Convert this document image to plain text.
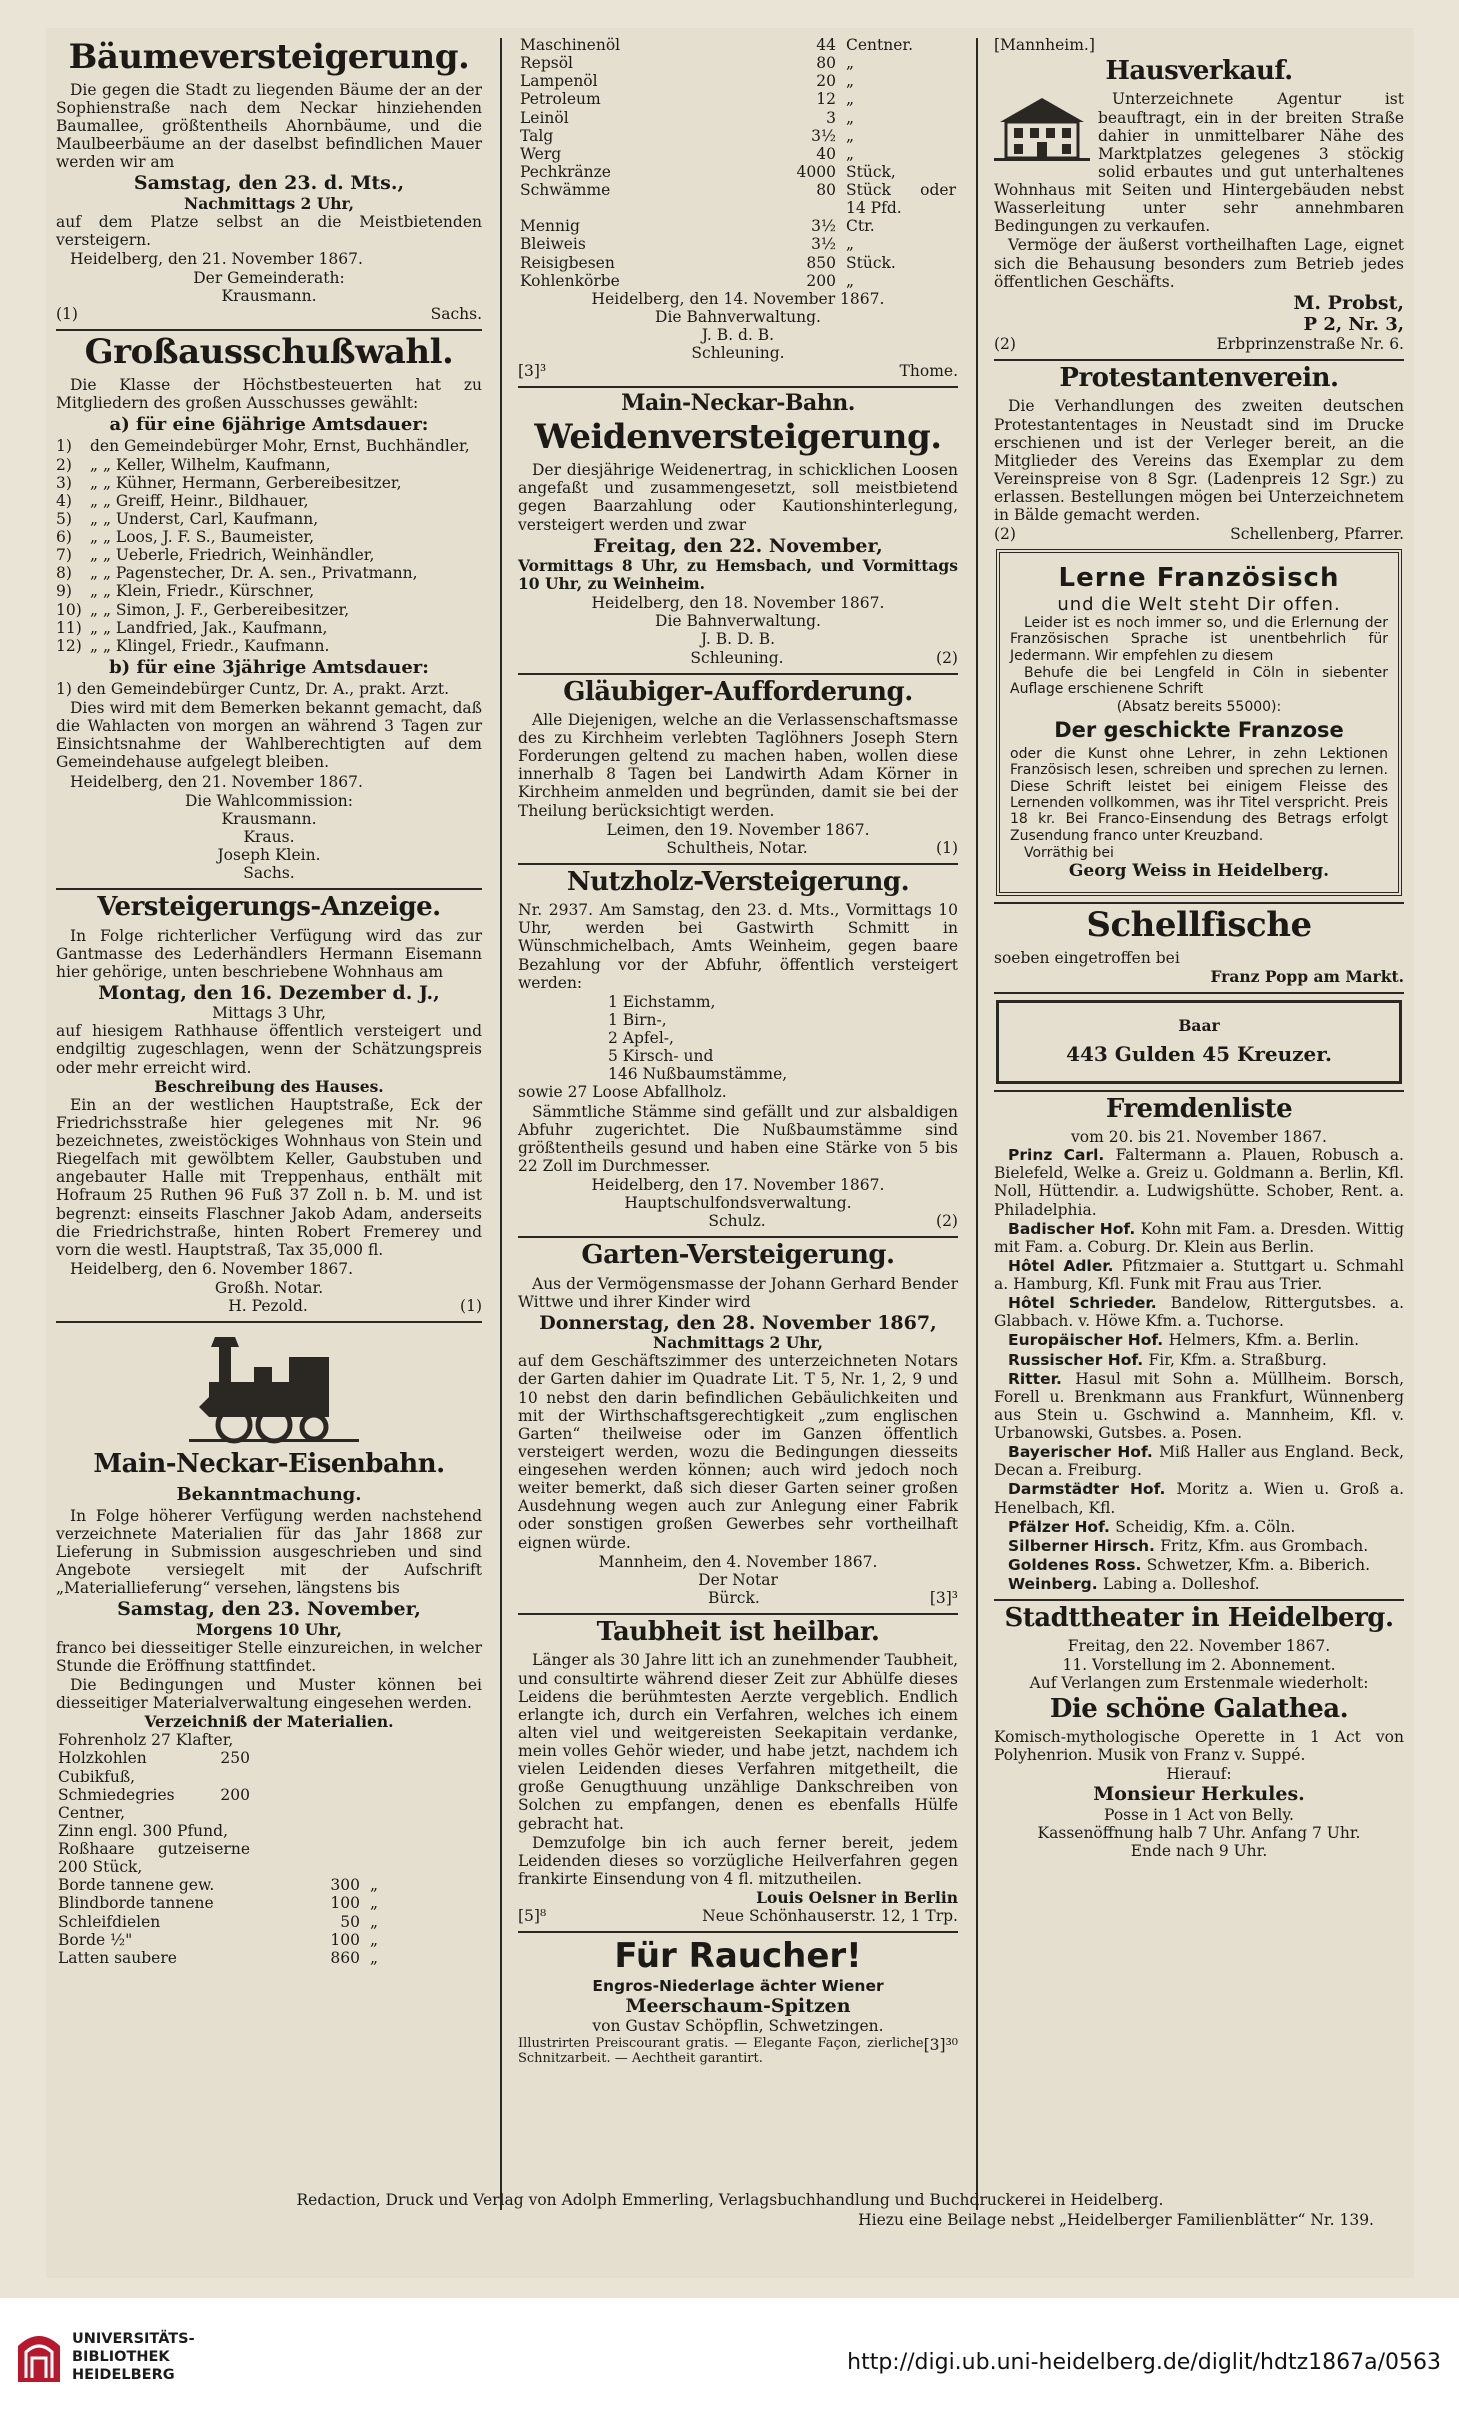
Bäumeversteigerung.

Die gegen die Stadt zu liegenden Bäume der an der Sophienstraße nach dem Neckar hinziehenden Baumallee, größtentheils Ahornbäume, und die Maulbeerbäume an der daselbst befindlichen Mauer werden wir am

Samstag, den 23. d. Mts.,
Nachmittags 2 Uhr,

auf dem Platze selbst an die Meistbietenden versteigern.

Heidelberg, den 21. November 1867.

Der Gemeinderath:
Krausmann.
(1)	Sachs.
Großausschußwahl.

Die Klasse der Höchstbesteuerten hat zu Mitgliedern des großen Ausschusses gewählt:

a) für eine 6jährige Amtsdauer:
1)	den Gemeindebürger Mohr, Ernst, Buchhändler,
2)	„ „ Keller, Wilhelm, Kaufmann,
3)	„ „ Kühner, Hermann, Gerbereibesitzer,
4)	„ „ Greiff, Heinr., Bildhauer,
5)	„ „ Underst, Carl, Kaufmann,
6)	„ „ Loos, J. F. S., Baumeister,
7)	„ „ Ueberle, Friedrich, Weinhändler,
8)	„ „ Pagenstecher, Dr. A. sen., Privatmann,
9)	„ „ Klein, Friedr., Kürschner,
10) „ „ Simon, J. F., Gerbereibesitzer,
11) „ „ Landfried, Jak., Kaufmann,
12) „ „ Klingel, Friedr., Kaufmann.
b) für eine 3jährige Amtsdauer:

1) den Gemeindebürger Cuntz, Dr. A., prakt. Arzt.

Dies wird mit dem Bemerken bekannt gemacht, daß die Wahlacten von morgen an während 3 Tagen zur Einsichtsnahme der Wahlberechtigten auf dem Gemeindehause aufgelegt bleiben.

Heidelberg, den 21. November 1867.

Die Wahlcommission:
Krausmann.
Kraus.
Joseph Klein.
Sachs.
Versteigerungs-Anzeige.

In Folge richterlicher Verfügung wird das zur Gantmasse des Lederhändlers Hermann Eisemann hier gehörige, unten beschriebene Wohnhaus am

Montag, den 16. Dezember d. J.,
Mittags 3 Uhr,

auf hiesigem Rathhause öffentlich versteigert und endgiltig zugeschlagen, wenn der Schätzungspreis oder mehr erreicht wird.

Beschreibung des Hauses.

Ein an der westlichen Hauptstraße, Eck der Friedrichsstraße hier gelegenes mit Nr. 96 bezeichnetes, zweistöckiges Wohnhaus von Stein und Riegelfach mit gewölbtem Keller, Gaubstuben und angebauter Halle mit Treppenhaus, enthält mit Hofraum 25 Ruthen 96 Fuß 37 Zoll n. b. M. und ist begrenzt: einseits Flaschner Jakob Adam, anderseits die Friedrichstraße, hinten Robert Fremerey und vorn die westl. Hauptstraß, Tax 35,000 fl.

Heidelberg, den 6. November 1867.

Großh. Notar.
H. Pezold.	(1)
Main-Neckar-Eisenbahn.
Bekanntmachung.

In Folge höherer Verfügung werden nachstehend verzeichnete Materialien für das Jahr 1868 zur Lieferung in Submission ausgeschrieben und sind Angebote versiegelt mit der Aufschrift „Materiallieferung“ versehen, längstens bis

Samstag, den 23. November,
Morgens 10 Uhr,

franco bei diesseitiger Stelle einzureichen, in welcher Stunde die Eröffnung stattfindet.

Die Bedingungen und Muster können bei diesseitiger Materialverwaltung eingesehen werden.

Verzeichniß der Materialien.
Fohrenholz 27 Klafter,		
Holzkohlen 250 Cubikfuß,		
Schmiedegries 200 Centner,		
Zinn engl. 300 Pfund,		
Roßhaare gutzeiserne 200 Stück,		
Borde tannene gew.	300	„
Blindborde tannene	100	„
Schleifdielen	50	„
Borde ½"	100	„
Latten saubere	860	„
Maschinenöl	44	Centner.
Repsöl	80	„
Lampenöl	20	„
Petroleum	12	„
Leinöl	3	„
Talg	3½	„
Werg	40	„
Pechkränze	4000	Stück,
Schwämme	80	Stück oder 14 Pfd.
Mennig	3½	Ctr.
Bleiweis	3½	„
Reisigbesen	850	Stück.
Kohlenkörbe	200	„
Heidelberg, den 14. November 1867.
Die Bahnverwaltung.
J. B. d. B.
Schleuning.
[3]³	Thome.
Main-Neckar-Bahn.
Weidenversteigerung.

Der diesjährige Weidenertrag, in schicklichen Loosen angefaßt und zusammengesetzt, soll meistbietend gegen Baarzahlung oder Kautionshinterlegung, versteigert werden und zwar

Freitag, den 22. November,

Vormittags 8 Uhr, zu Hemsbach, und Vormittags 10 Uhr, zu Weinheim.

Heidelberg, den 18. November 1867.
Die Bahnverwaltung.
J. B. D. B.
Schleuning.	(2)
Gläubiger-Aufforderung.

Alle Diejenigen, welche an die Verlassenschaftsmasse des zu Kirchheim verlebten Taglöhners Joseph Stern Forderungen geltend zu machen haben, wollen diese innerhalb 8 Tagen bei Landwirth Adam Körner in Kirchheim anmelden und begründen, damit sie bei der Theilung berücksichtigt werden.

Leimen, den 19. November 1867.
Schultheis, Notar.	(1)
Nutzholz-Versteigerung.

Nr. 2937. Am Samstag, den 23. d. Mts., Vormittags 10 Uhr, werden bei Gastwirth Schmitt in Wünschmichelbach, Amts Weinheim, gegen baare Bezahlung vor der Abfuhr, öffentlich versteigert werden:

1 Eichstamm,
1 Birn-,
2 Apfel-,
5 Kirsch- und
146 Nußbaumstämme,

sowie 27 Loose Abfallholz.

Sämmtliche Stämme sind gefällt und zur alsbaldigen Abfuhr zugerichtet. Die Nußbaumstämme sind größtentheils gesund und haben eine Stärke von 5 bis 22 Zoll im Durchmesser.

Heidelberg, den 17. November 1867.
Hauptschulfondsverwaltung.
Schulz.	(2)
Garten-Versteigerung.

Aus der Vermögensmasse der Johann Gerhard Bender Wittwe und ihrer Kinder wird

Donnerstag, den 28. November 1867,
Nachmittags 2 Uhr,

auf dem Geschäftszimmer des unterzeichneten Notars der Garten dahier im Quadrate Lit. T 5, Nr. 1, 2, 9 und 10 nebst den darin befindlichen Gebäulichkeiten und mit der Wirthschaftsgerechtigkeit „zum englischen Garten“ theilweise oder im Ganzen öffentlich versteigert werden, wozu die Bedingungen diesseits eingesehen werden können; auch wird jedoch noch weiter bemerkt, daß sich dieser Garten seiner großen Ausdehnung wegen auch zur Anlegung einer Fabrik oder sonstigen großen Gewerbes sehr vortheilhaft eignen würde.

Mannheim, den 4. November 1867.
Der Notar
Bürck.	[3]³
Taubheit ist heilbar.

Länger als 30 Jahre litt ich an zunehmender Taubheit, und consultirte während dieser Zeit zur Abhülfe dieses Leidens die berühmtesten Aerzte vergeblich. Endlich erlangte ich, durch ein Verfahren, welches ich einem alten viel und weitgereisten Seekapitain verdanke, mein volles Gehör wieder, und habe jetzt, nachdem ich vielen Leidenden dieses Verfahren mitgetheilt, die große Genugthuung unzählige Dankschreiben von Solchen zu empfangen, denen es ebenfalls Hülfe gebracht hat.

Demzufolge bin ich auch ferner bereit, jedem Leidenden dieses so vorzügliche Heilverfahren gegen frankirte Einsendung von 4 fl. mitzutheilen.

Louis Oelsner in Berlin
[5]⁸	Neue Schönhauserstr. 12, 1 Trp.
Für Raucher!
Engros-Niederlage ächter Wiener
Meerschaum-Spitzen
von Gustav Schöpflin, Schwetzingen.
Illustrirten Preiscourant gratis. — Elegante Façon, zierliche Schnitzarbeit. — Aechtheit garantirt.
[3]³⁰
[Mannheim.]
Hausverkauf.

Unterzeichnete Agentur ist beauftragt, ein in der breiten Straße dahier in unmittelbarer Nähe des Marktplatzes gelegenes 3 stöckig solid erbautes und gut unterhaltenes Wohnhaus mit Seiten und Hintergebäuden nebst Wasserleitung unter sehr annehmbaren Bedingungen zu verkaufen.

Vermöge der äußerst vortheilhaften Lage, eignet sich die Behausung besonders zum Betrieb jedes öffentlichen Geschäfts.

M. Probst,
P 2, Nr. 3,
(2)	Erbprinzenstraße Nr. 6.
Protestantenverein.

Die Verhandlungen des zweiten deutschen Protestantentages in Neustadt sind im Drucke erschienen und ist der Verleger bereit, an die Mitglieder des Vereins das Exemplar zu dem Vereinspreise von 8 Sgr. (Ladenpreis 12 Sgr.) zu erlassen. Bestellungen mögen bei Unterzeichnetem in Bälde gemacht werden.

(2)	Schellenberg, Pfarrer.
Lerne Französisch
und die Welt steht Dir offen.

Leider ist es noch immer so, und die Erlernung der Französischen Sprache ist unentbehrlich für Jedermann. Wir empfehlen zu diesem

Behufe die bei Lengfeld in Cöln in siebenter Auflage erschienene Schrift

(Absatz bereits 55000):
Der geschickte Franzose

oder die Kunst ohne Lehrer, in zehn Lektionen Französisch lesen, schreiben und sprechen zu lernen. Diese Schrift leistet bei einigem Fleisse des Lernenden vollkommen, was ihr Titel verspricht. Preis 18 kr. Bei Franco-Einsendung des Betrags erfolgt Zusendung franco unter Kreuzband.

Vorräthig bei

Georg Weiss in Heidelberg.
Schellfische

soeben eingetroffen bei

Franz Popp am Markt.
Baar
443 Gulden 45 Kreuzer.
Fremdenliste
vom 20. bis 21. November 1867.

Prinz Carl. Faltermann a. Plauen, Robusch a. Bielefeld, Welke a. Greiz u. Goldmann a. Berlin, Kfl. Noll, Hüttendir. a. Ludwigshütte. Schober, Rent. a. Philadelphia.

Badischer Hof. Kohn mit Fam. a. Dresden. Wittig mit Fam. a. Coburg. Dr. Klein aus Berlin.

Hôtel Adler. Pfitzmaier a. Stuttgart u. Schmahl a. Hamburg, Kfl. Funk mit Frau aus Trier.

Hôtel Schrieder. Bandelow, Rittergutsbes. a. Glabbach. v. Höwe Kfm. a. Tuchorse.

Europäischer Hof. Helmers, Kfm. a. Berlin.

Russischer Hof. Fir, Kfm. a. Straßburg.

Ritter. Hasul mit Sohn a. Müllheim. Borsch, Forell u. Brenkmann aus Frankfurt, Wünnenberg aus Stein u. Gschwind a. Mannheim, Kfl. v. Urbanowski, Gutsbes. a. Posen.

Bayerischer Hof. Miß Haller aus England. Beck, Decan a. Freiburg.

Darmstädter Hof. Moritz a. Wien u. Groß a. Henelbach, Kfl.

Pfälzer Hof. Scheidig, Kfm. a. Cöln.

Silberner Hirsch. Fritz, Kfm. aus Grombach.

Goldenes Ross. Schwetzer, Kfm. a. Biberich.

Weinberg. Labing a. Dolleshof.

Stadttheater in Heidelberg.
Freitag, den 22. November 1867.
11. Vorstellung im 2. Abonnement.
Auf Verlangen zum Erstenmale wiederholt:
Die schöne Galathea.

Komisch-mythologische Operette in 1 Act von Polyhenrion. Musik von Franz v. Suppé.

Hierauf:
Monsieur Herkules.
Posse in 1 Act von Belly.
Kassenöffnung halb 7 Uhr. Anfang 7 Uhr.
Ende nach 9 Uhr.
Redaction, Druck und Verlag von Adolph Emmerling, Verlagsbuchhandlung und Buchdruckerei in Heidelberg.
Hiezu eine Beilage nebst „Heidelberger Familienblätter“ Nr. 139.
UNIVERSITÄTS-
BIBLIOTHEK
HEIDELBERG
http://digi.ub.uni-heidelberg.de/diglit/hdtz1867a/0563
